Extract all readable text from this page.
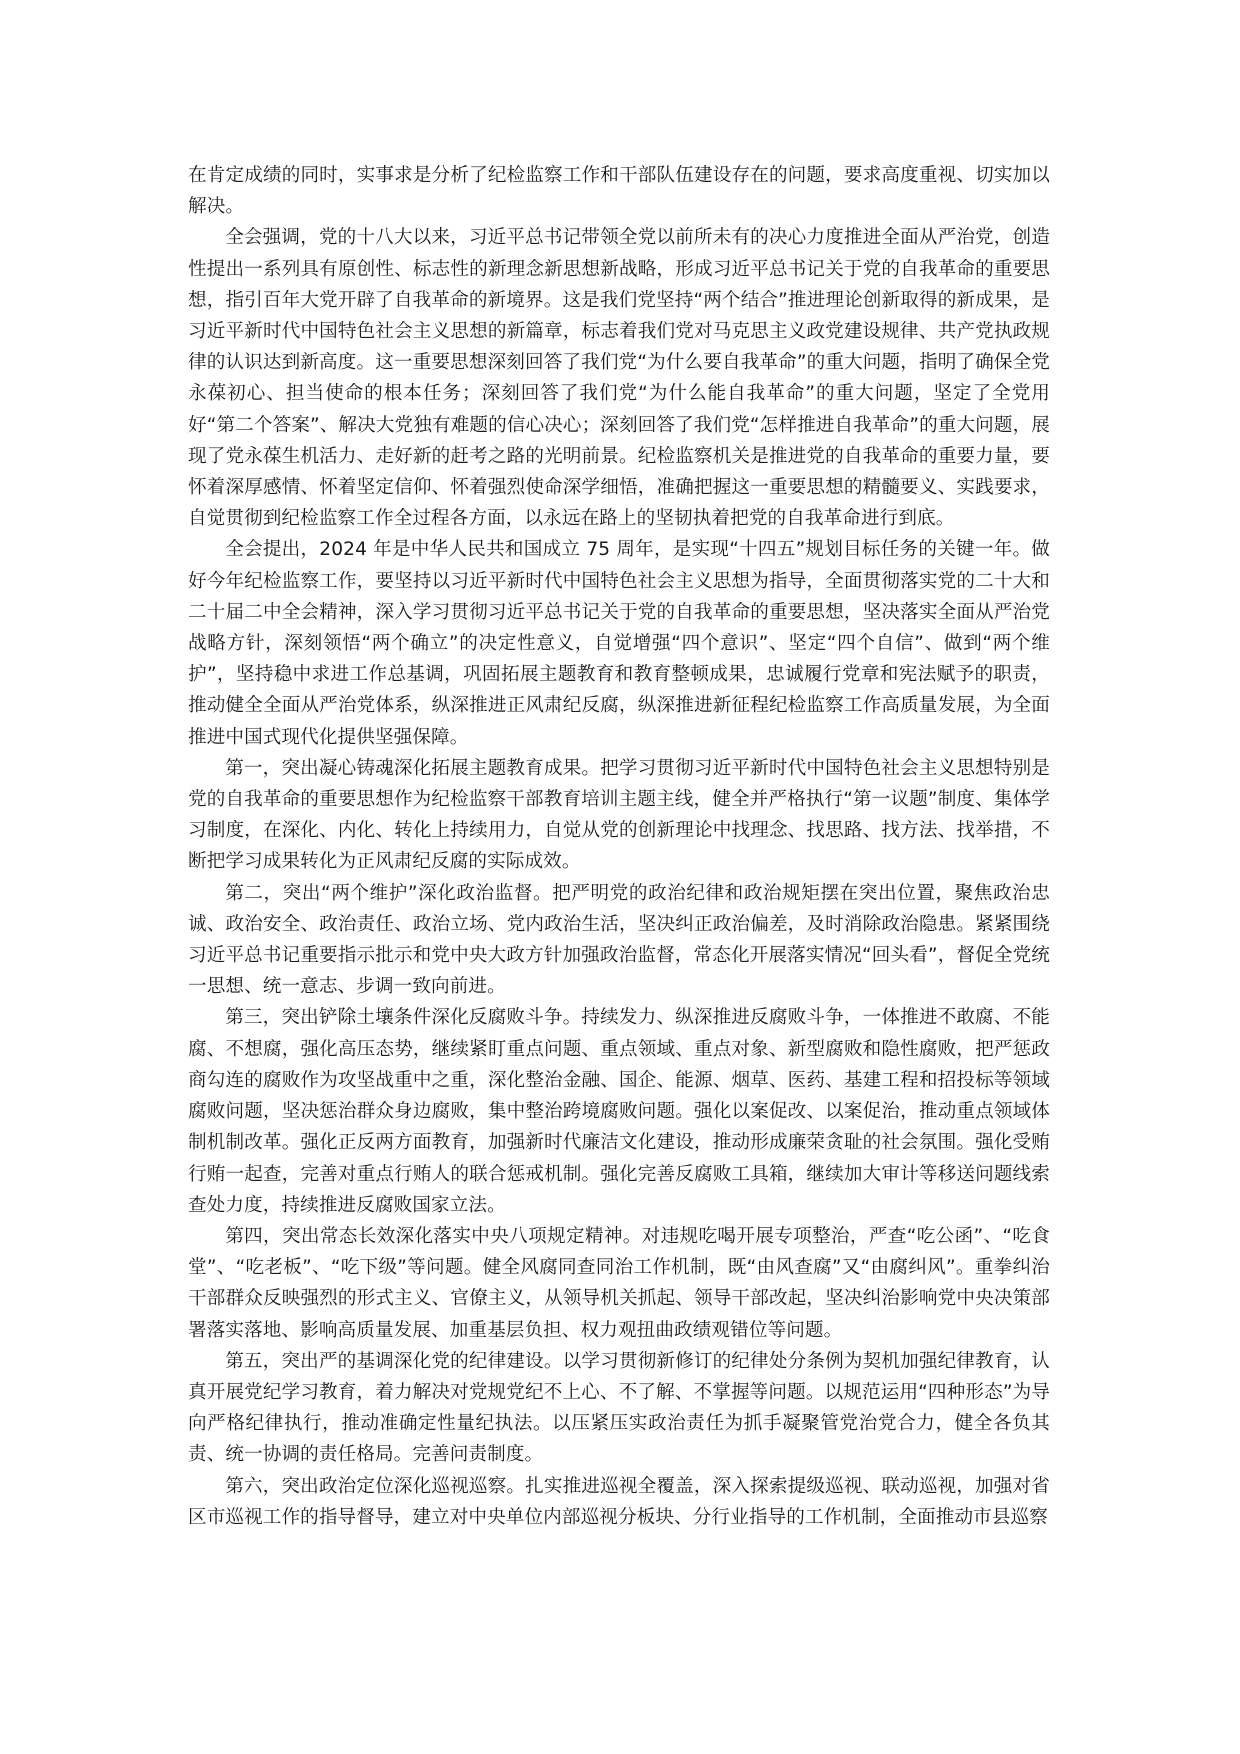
在肯定成绩的同时，实事求是分析了纪检监察工作和干部队伍建设存在的问题，要求高度重视、切实加以解决。

全会强调，党的十八大以来，习近平总书记带领全党以前所未有的决心力度推进全面从严治党，创造性提出一系列具有原创性、标志性的新理念新思想新战略，形成习近平总书记关于党的自我革命的重要思想，指引百年大党开辟了自我革命的新境界。这是我们党坚持“两个结合”推进理论创新取得的新成果，是习近平新时代中国特色社会主义思想的新篇章，标志着我们党对马克思主义政党建设规律、共产党执政规律的认识达到新高度。这一重要思想深刻回答了我们党“为什么要自我革命”的重大问题，指明了确保全党永葆初心、担当使命的根本任务；深刻回答了我们党“为什么能自我革命”的重大问题，坚定了全党用好“第二个答案”、解决大党独有难题的信心决心；深刻回答了我们党“怎样推进自我革命”的重大问题，展现了党永葆生机活力、走好新的赶考之路的光明前景。纪检监察机关是推进党的自我革命的重要力量，要怀着深厚感情、怀着坚定信仰、怀着强烈使命深学细悟，准确把握这一重要思想的精髓要义、实践要求，自觉贯彻到纪检监察工作全过程各方面，以永远在路上的坚韧执着把党的自我革命进行到底。

全会提出，2024 年是中华人民共和国成立 75 周年，是实现“十四五”规划目标任务的关键一年。做好今年纪检监察工作，要坚持以习近平新时代中国特色社会主义思想为指导，全面贯彻落实党的二十大和二十届二中全会精神，深入学习贯彻习近平总书记关于党的自我革命的重要思想，坚决落实全面从严治党战略方针，深刻领悟“两个确立”的决定性意义，自觉增强“四个意识”、坚定“四个自信”、做到“两个维护”，坚持稳中求进工作总基调，巩固拓展主题教育和教育整顿成果，忠诚履行党章和宪法赋予的职责，推动健全全面从严治党体系，纵深推进正风肃纪反腐，纵深推进新征程纪检监察工作高质量发展，为全面推进中国式现代化提供坚强保障。

第一，突出凝心铸魂深化拓展主题教育成果。把学习贯彻习近平新时代中国特色社会主义思想特别是党的自我革命的重要思想作为纪检监察干部教育培训主题主线，健全并严格执行“第一议题”制度、集体学习制度，在深化、内化、转化上持续用力，自觉从党的创新理论中找理念、找思路、找方法、找举措，不断把学习成果转化为正风肃纪反腐的实际成效。

第二，突出“两个维护”深化政治监督。把严明党的政治纪律和政治规矩摆在突出位置，聚焦政治忠诚、政治安全、政治责任、政治立场、党内政治生活，坚决纠正政治偏差，及时消除政治隐患。紧紧围绕习近平总书记重要指示批示和党中央大政方针加强政治监督，常态化开展落实情况“回头看”，督促全党统一思想、统一意志、步调一致向前进。

第三，突出铲除土壤条件深化反腐败斗争。持续发力、纵深推进反腐败斗争，一体推进不敢腐、不能腐、不想腐，强化高压态势，继续紧盯重点问题、重点领域、重点对象、新型腐败和隐性腐败，把严惩政商勾连的腐败作为攻坚战重中之重，深化整治金融、国企、能源、烟草、医药、基建工程和招投标等领域腐败问题，坚决惩治群众身边腐败，集中整治跨境腐败问题。强化以案促改、以案促治，推动重点领域体制机制改革。强化正反两方面教育，加强新时代廉洁文化建设，推动形成廉荣贪耻的社会氛围。强化受贿行贿一起查，完善对重点行贿人的联合惩戒机制。强化完善反腐败工具箱，继续加大审计等移送问题线索查处力度，持续推进反腐败国家立法。

第四，突出常态长效深化落实中央八项规定精神。对违规吃喝开展专项整治，严查“吃公函”、“吃食堂”、“吃老板”、“吃下级”等问题。健全风腐同查同治工作机制，既“由风查腐”又“由腐纠风”。重拳纠治干部群众反映强烈的形式主义、官僚主义，从领导机关抓起、领导干部改起，坚决纠治影响党中央决策部署落实落地、影响高质量发展、加重基层负担、权力观扭曲政绩观错位等问题。

第五，突出严的基调深化党的纪律建设。以学习贯彻新修订的纪律处分条例为契机加强纪律教育，认真开展党纪学习教育，着力解决对党规党纪不上心、不了解、不掌握等问题。以规范运用“四种形态”为导向严格纪律执行，推动准确定性量纪执法。以压紧压实政治责任为抓手凝聚管党治党合力，健全各负其责、统一协调的责任格局。完善问责制度。

第六，突出政治定位深化巡视巡察。扎实推进巡视全覆盖，深入探索提级巡视、联动巡视，加强对省区市巡视工作的指导督导，建立对中央单位内部巡视分板块、分行业指导的工作机制，全面推动市县巡察
